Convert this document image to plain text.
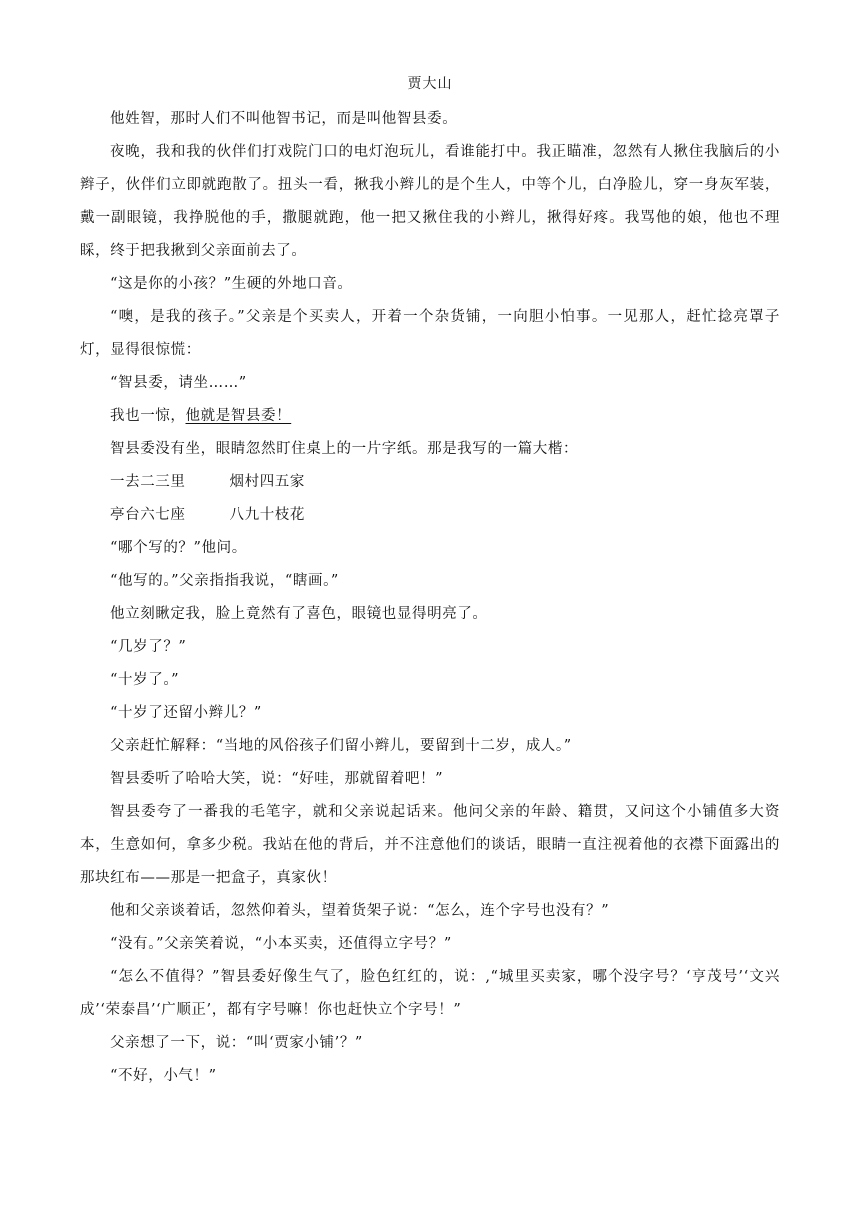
贾大山

他姓智，那时人们不叫他智书记，而是叫他智县委。

夜晚，我和我的伙伴们打戏院门口的电灯泡玩儿，看谁能打中。我正瞄准，忽然有人揪住我脑后的小辫子，伙伴们立即就跑散了。扭头一看，揪我小辫儿的是个生人，中等个儿，白净脸儿，穿一身灰军装，戴一副眼镜，我挣脱他的手，撒腿就跑，他一把又揪住我的小辫儿，揪得好疼。我骂他的娘，他也不理睬，终于把我揪到父亲面前去了。

“这是你的小孩？”生硬的外地口音。

“噢，是我的孩子。”父亲是个买卖人，开着一个杂货铺，一向胆小怕事。一见那人，赶忙捻亮罩子灯，显得很惊慌：

“智县委，请坐……”

我也一惊，他就是智县委！

智县委没有坐，眼睛忽然盯住桌上的一片字纸。那是我写的一篇大楷：

一去二三里	烟村四五家

亭台六七座	八九十枝花

“哪个写的？”他问。

“他写的。”父亲指指我说，“瞎画。”

他立刻瞅定我，脸上竟然有了喜色，眼镜也显得明亮了。

“几岁了？”

“十岁了。”

“十岁了还留小辫儿？”

父亲赶忙解释：“当地的风俗孩子们留小辫儿，要留到十二岁，成人。”

智县委听了哈哈大笑，说：“好哇，那就留着吧！”

智县委夸了一番我的毛笔字，就和父亲说起话来。他问父亲的年龄、籍贯，又问这个小铺值多大资本，生意如何，拿多少税。我站在他的背后，并不注意他们的谈话，眼睛一直注视着他的衣襟下面露出的那块红布——那是一把盒子，真家伙！

他和父亲谈着话，忽然仰着头，望着货架子说：“怎么，连个字号也没有？”

“没有。”父亲笑着说，“小本买卖，还值得立字号？”

“怎么不值得？”智县委好像生气了，脸色红红的，说：,“城里买卖家，哪个没字号？‘亨茂号’‘文兴成’‘荣泰昌’‘广顺正’，都有字号嘛！你也赶快立个字号！”

父亲想了一下，说：“叫‘贾家小铺’？”

“不好，小气！”
